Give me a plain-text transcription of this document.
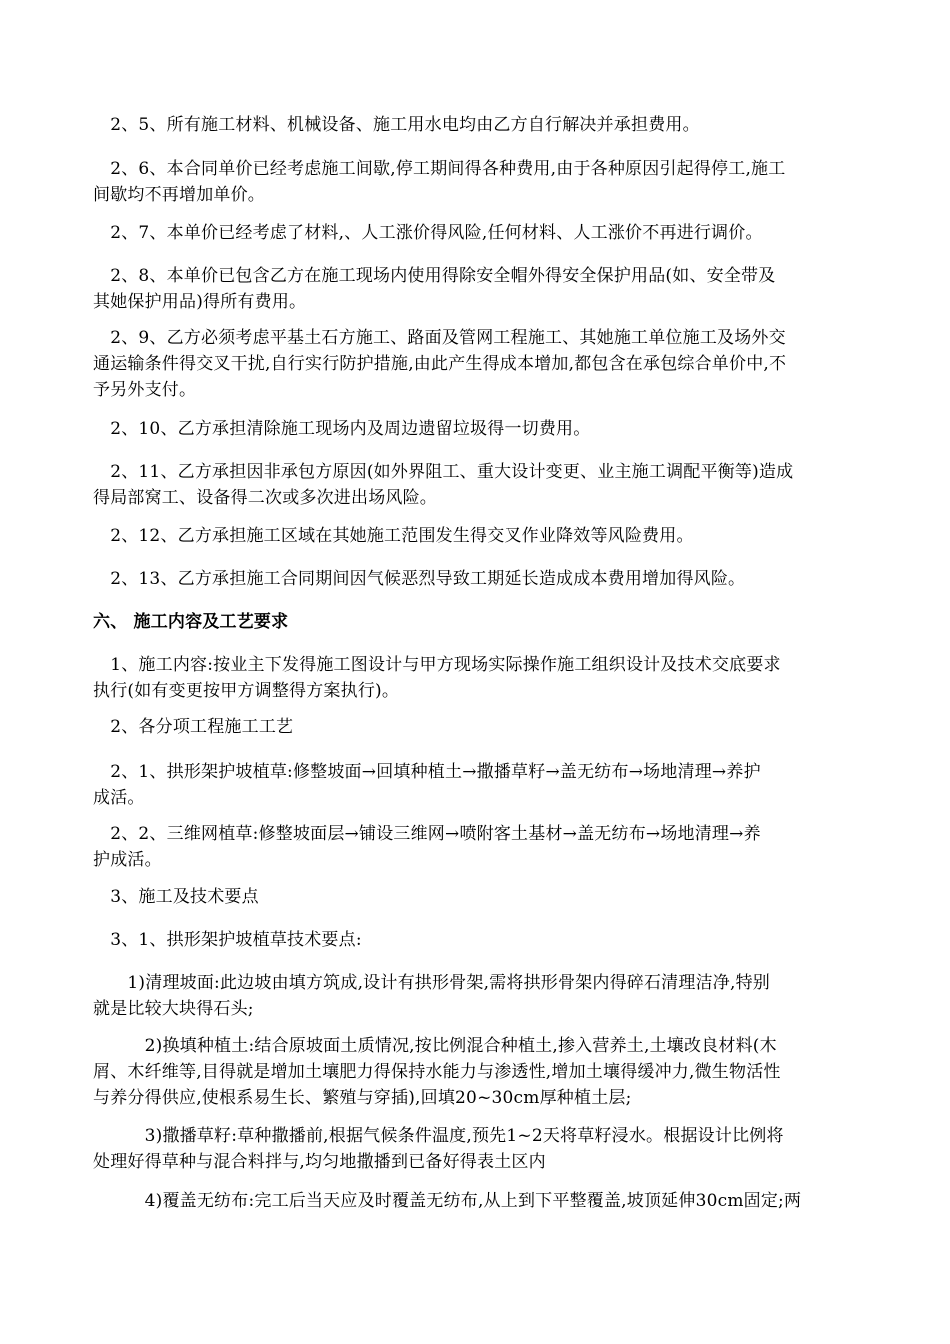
　2、5、所有施工材料、机械设备、施工用水电均由乙方自行解决并承担费用。
　2、6、本合同单价已经考虑施工间歇,停工期间得各种费用,由于各种原因引起得停工,施工
间歇均不再增加单价。
　2、7、本单价已经考虑了材料,、人工涨价得风险,任何材料、人工涨价不再进行调价。
　2、8、本单价已包含乙方在施工现场内使用得除安全帽外得安全保护用品(如、安全带及
其她保护用品)得所有费用。
　2、9、乙方必须考虑平基土石方施工、路面及管网工程施工、其她施工单位施工及场外交
通运输条件得交叉干扰,自行实行防护措施,由此产生得成本增加,都包含在承包综合单价中,不
予另外支付。
　2、10、乙方承担清除施工现场内及周边遗留垃圾得一切费用。
　2、11、乙方承担因非承包方原因(如外界阻工、重大设计变更、业主施工调配平衡等)造成
得局部窝工、设备得二次或多次进出场风险。
　2、12、乙方承担施工区域在其她施工范围发生得交叉作业降效等风险费用。
　2、13、乙方承担施工合同期间因气候恶烈导致工期延长造成成本费用增加得风险。
六、 施工内容及工艺要求
　1、施工内容:按业主下发得施工图设计与甲方现场实际操作施工组织设计及技术交底要求
执行(如有变更按甲方调整得方案执行)。
　2、各分项工程施工工艺
　2、1、拱形架护坡植草:修整坡面→回填种植土→撒播草籽→盖无纺布→场地清理→养护
成活。
　2、2、三维网植草:修整坡面层→铺设三维网→喷附客土基材→盖无纺布→场地清理→养
护成活。
　3、施工及技术要点
　3、1、拱形架护坡植草技术要点:
　　1)清理坡面:此边坡由填方筑成,设计有拱形骨架,需将拱形骨架内得碎石清理洁净,特别
就是比较大块得石头;
　　　2)换填种植土:结合原坡面土质情况,按比例混合种植土,掺入营养土,土壤改良材料(木
屑、木纤维等,目得就是增加土壤肥力得保持水能力与渗透性,增加土壤得缓冲力,微生物活性
与养分得供应,使根系易生长、繁殖与穿插),回填20~30cm厚种植土层;
　　　3)撒播草籽:草种撒播前,根据气候条件温度,预先1~2天将草籽浸水。根据设计比例将
处理好得草种与混合料拌与,均匀地撒播到已备好得表土区内
　　　4)覆盖无纺布:完工后当天应及时覆盖无纺布,从上到下平整覆盖,坡顶延伸30cm固定;两
